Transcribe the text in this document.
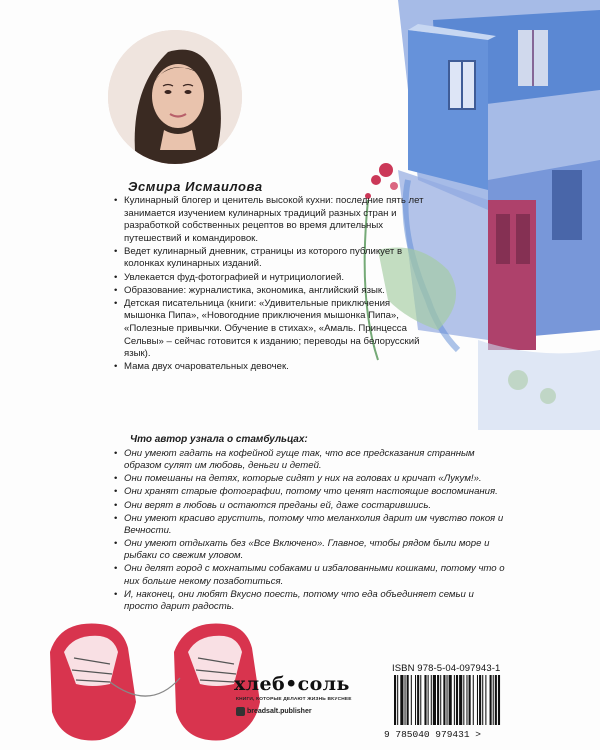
Эсмира Исмаилова
• Кулинарный блогер и ценитель высокой кухни: последние пять лет занимается изучением кулинарных традиций разных стран и разработкой собственных рецептов во время длительных путешествий и командировок.
• Ведет кулинарный дневник, страницы из которого публикует в колонках кулинарных изданий.
• Увлекается фуд-фотографией и нутрициологией.
• Образование: журналистика, экономика, английский язык.
• Детская писательница (книги: «Удивительные приключения мышонка Пипа», «Новогодние приключения мышонка Пипа», «Полезные привычки. Обучение в стихах», «Амаль. Принцесса Сельвы» – сейчас готовится к изданию; переводы на белорусский язык).
• Мама двух очаровательных девочек.
Что автор узнала о стамбульцах:
• Они умеют гадать на кофейной гуще так, что все предсказания странным образом сулят им любовь, деньги и детей.
• Они помешаны на детях, которые сидят у них на головах и кричат «Лукум!».
• Они хранят старые фотографии, потому что ценят настоящие воспоминания.
• Они верят в любовь и остаются преданы ей, даже состарившись.
• Они умеют красиво грустить, потому что меланхолия дарит им чувство покоя и Вечности.
• Они умеют отдыхать без «Все Включено». Главное, чтобы рядом были море и рыбаки со свежим уловом.
• Они делят город с мохнатыми собаками и избалованными кошками, потому что о них больше некому позаботиться.
• И, наконец, они любят Вкусно поесть, потому что еда объединяет семьи и просто дарит радость.
хлеб•соль
КНИГИ, КОТОРЫЕ ДЕЛАЮТ ЖИЗНЬ ВКУСНЕЕ
breadsalt.publisher
ISBN 978-5-04-097943-1
9 785040 979431 >
